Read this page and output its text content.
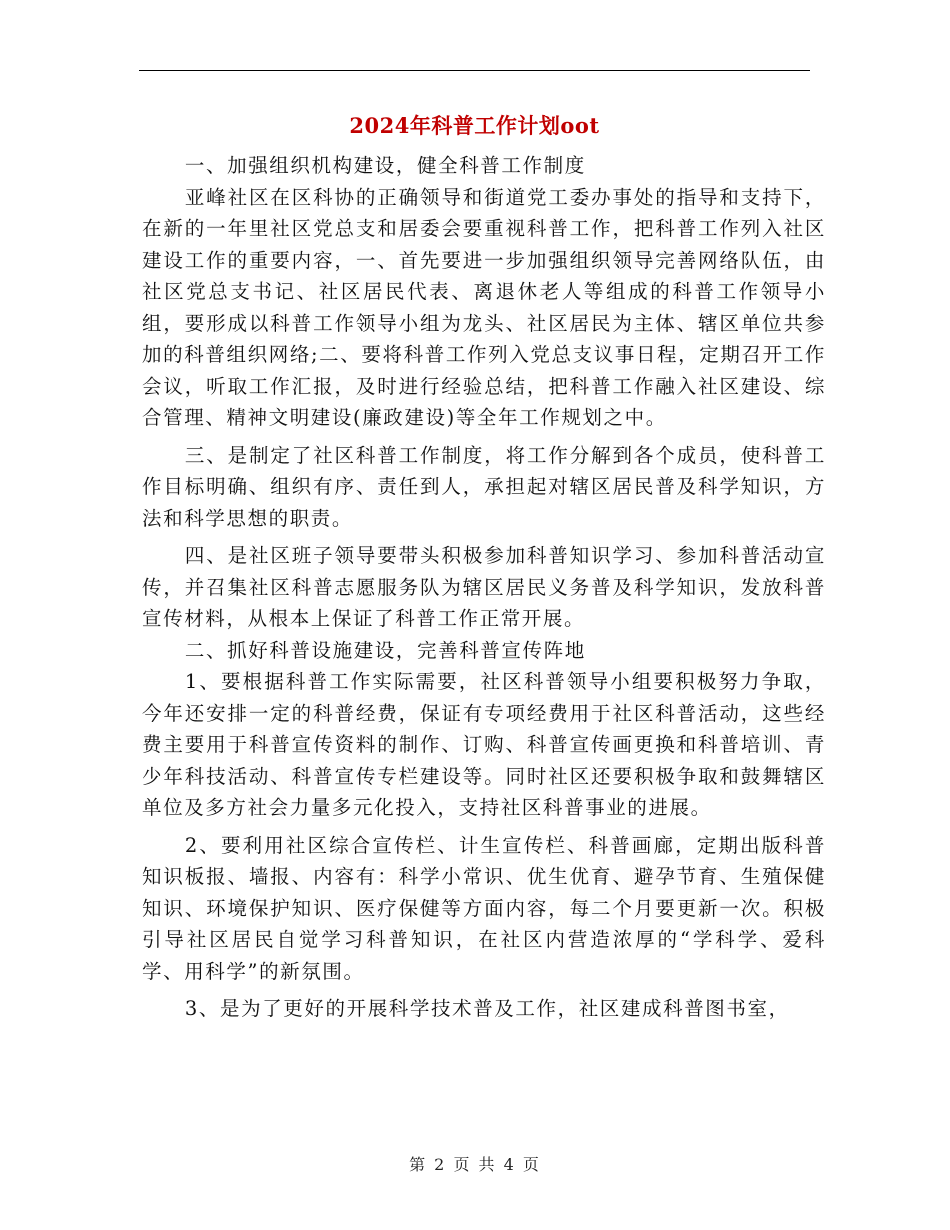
2024年科普工作计划oot

一、加强组织机构建设，健全科普工作制度

亚峰社区在区科协的正确领导和街道党工委办事处的指导和支持下，在新的一年里社区党总支和居委会要重视科普工作，把科普工作列入社区建设工作的重要内容，一、首先要进一步加强组织领导完善网络队伍，由社区党总支书记、社区居民代表、离退休老人等组成的科普工作领导小组，要形成以科普工作领导小组为龙头、社区居民为主体、辖区单位共参加的科普组织网络;二、要将科普工作列入党总支议事日程，定期召开工作会议，听取工作汇报，及时进行经验总结，把科普工作融入社区建设、综合管理、精神文明建设(廉政建设)等全年工作规划之中。

三、是制定了社区科普工作制度，将工作分解到各个成员，使科普工作目标明确、组织有序、责任到人，承担起对辖区居民普及科学知识，方法和科学思想的职责。

四、是社区班子领导要带头积极参加科普知识学习、参加科普活动宣传，并召集社区科普志愿服务队为辖区居民义务普及科学知识，发放科普宣传材料，从根本上保证了科普工作正常开展。

二、抓好科普设施建设，完善科普宣传阵地

1、要根据科普工作实际需要，社区科普领导小组要积极努力争取，今年还安排一定的科普经费，保证有专项经费用于社区科普活动，这些经费主要用于科普宣传资料的制作、订购、科普宣传画更换和科普培训、青少年科技活动、科普宣传专栏建设等。同时社区还要积极争取和鼓舞辖区单位及多方社会力量多元化投入，支持社区科普事业的进展。

2、要利用社区综合宣传栏、计生宣传栏、科普画廊，定期出版科普知识板报、墙报、内容有：科学小常识、优生优育、避孕节育、生殖保健知识、环境保护知识、医疗保健等方面内容，每二个月要更新一次。积极引导社区居民自觉学习科普知识，在社区内营造浓厚的“学科学、爱科学、用科学”的新氛围。

3、是为了更好的开展科学技术普及工作，社区建成科普图书室，

第 2 页 共 4 页
